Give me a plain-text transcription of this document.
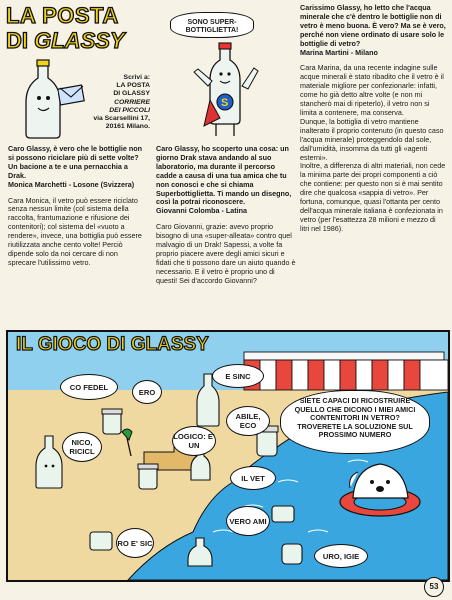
LA POSTA
DI GLASSY
Scrivi a:
LA POSTA
DI GLASSY
CORRIERE
DEI PICCOLI
via Scarsellini 17,
20161 Milano.
SONO SUPER-
BOTTIGLIETTA!
S

Caro Glassy, è vero che le bottiglie non si possono riciclare più di sette volte? Un bacione a te e una pernacchia a Drak.

Monica Marchetti - Losone (Svizzera)

Cara Monica, il vetro può essere riciclato senza nessun limite (col sistema della raccolta, frantumazione e rifusione dei contenitori); col sistema del «vuoto a rendere», invece, una bottiglia può essere riutilizzata anche cento volte! Perciò dipende solo da noi cercare di non sprecare l'utilissimo vetro.

Caro Glassy, ho scoperto una cosa: un giorno Drak stava andando al suo laboratorio, ma durante il percorso cadde a causa di una tua amica che tu non conosci e che si chiama Superbottiglietta. Ti mando un disegno, così la potrai riconoscere.

Giovanni Colomba - Latina

Caro Giovanni, grazie: avevo proprio bisogno di una «super-alleata» contro quel malvagio di un Drak! Sapessi, a volte fa proprio piacere avere degli amici sicuri e fidati che ti possono dare un aiuto quando è necessario. E il vetro è proprio uno di questi! Sei d'accordo Giovanni?

Carissimo Glassy, ho letto che l'acqua minerale che c'è dentro le bottiglie non di vetro è meno buona. È vero? Ma se è vero, perché non viene ordinato di usare solo le bottiglie di vetro?

Marina Martini - Milano

Cara Marina, da una recente indagine sulle acque minerali è stato ribadito che il vetro è il materiale migliore per confezionarle: infatti, come ho già detto altre volte (e non mi stancherò mai di ripeterlo), il vetro non si limita a contenere, ma conserva.

Dunque, la bottiglia di vetro mantiene inalterato il proprio contenuto (in questo caso l'acqua minerale) proteggendolo dal sole, dall'umidità, insomma da tutti gli «agenti esterni».

Inoltre, a differenza di altri materiali, non cede la minima parte dei propri componenti a ciò che contiene: per questo non si è mai sentito dire che qualcosa «sappia di vetro». Per fortuna, comunque, quasi l'ottanta per cento dell'acqua minerale italiana è confezionata in vetro (per l'esattezza 28 milioni e mezzo di litri nel 1986).

IL GIOCO DI GLASSY
CO FEDEL
ERO
E SINC
ABILE, ECO
LOGICO: E' UN
NICO, RICICL
IL VET
VERO AMI
RO E' SIC
URO, IGIE
SIETE CAPACI DI RICOSTRUIRE QUELLO CHE DICONO I MIEI AMICI CONTENITORI IN VETRO? TROVERETE LA SOLUZIONE SUL PROSSIMO NUMERO
53
